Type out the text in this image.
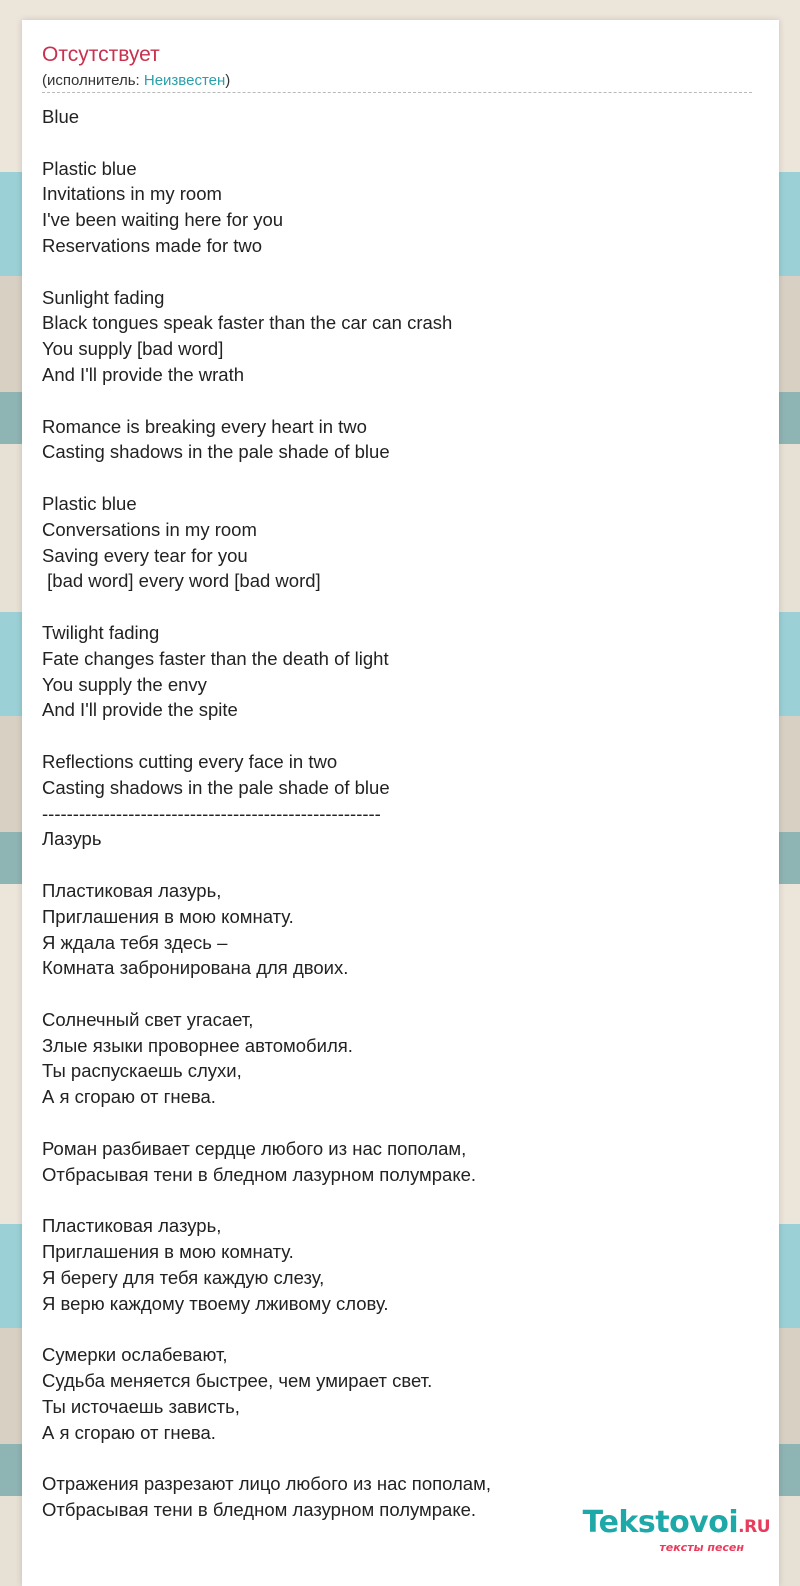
Отсутствует
(исполнитель: Неизвестен)
Blue
Plastic blue
Invitations in my room
I've been waiting here for you
Reservations made for two
Sunlight fading
Black tongues speak faster than the car can crash
You supply [bad word]
And I'll provide the wrath
Romance is breaking every heart in two
Casting shadows in the pale shade of blue
Plastic blue
Conversations in my room
Saving every tear for you
[bad word] every word [bad word]
Twilight fading
Fate changes faster than the death of light
You supply the envy
And I'll provide the spite
Reflections cutting every face in two
Casting shadows in the pale shade of blue
-------------------------------------------------------
Лазурь
Пластиковая лазурь,
Приглашения в мою комнату.
Я ждала тебя здесь –
Комната забронирована для двоих.
Солнечный свет угасает,
Злые языки проворнее автомобиля.
Ты распускаешь слухи,
А я сгораю от гнева.
Роман разбивает сердце любого из нас пополам,
Отбрасывая тени в бледном лазурном полумраке.
Пластиковая лазурь,
Приглашения в мою комнату.
Я берегу для тебя каждую слезу,
Я верю каждому твоему лживому слову.
Сумерки ослабевают,
Судьба меняется быстрее, чем умирает свет.
Ты источаешь зависть,
А я сгораю от гнева.
Отражения разрезают лицо любого из нас пополам,
Отбрасывая тени в бледном лазурном полумраке.	Tekstovoi.RU
тексты песен
